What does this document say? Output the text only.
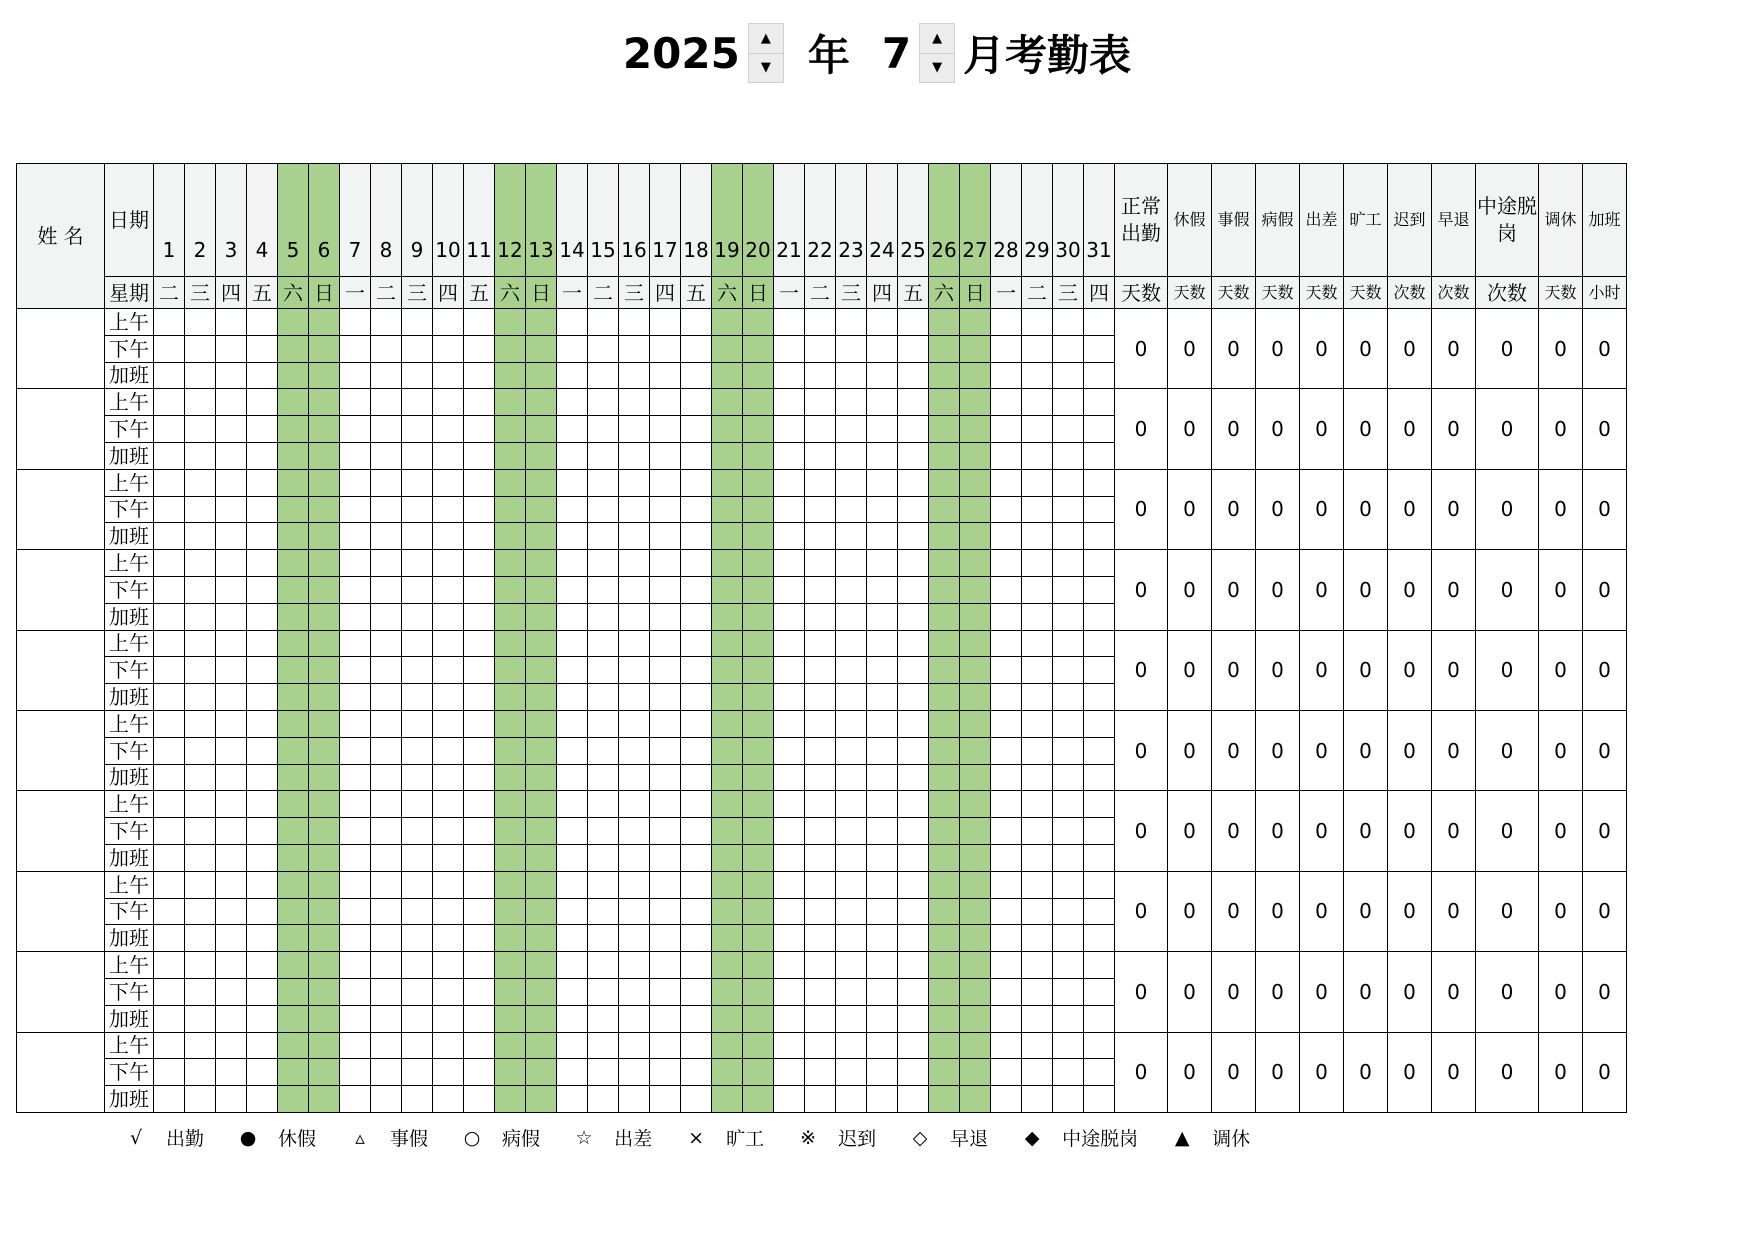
2025	▲
▼ 年 7	▲
▼ 月考勤表
姓 名	日期	1	2	3	4	5	6	7	8	9	10	11	12	13	14	15	16	17	18	19	20	21	22	23	24	25	26	27	28	29	30	31	正常出勤	休假	事假	病假	出差	旷工	迟到	早退	中途脱岗	调休	加班
	星期	二	三	四	五	六	日	一	二	三	四	五	六	日	一	二	三	四	五	六	日	一	二	三	四	五	六	日	一	二	三	四	天数	天数	天数	天数	天数	天数	次数	次数	次数	天数	小时
	上午																																0	0	0	0	0	0	0	0	0	0	0
	下午																																										
	加班																																										
	上午																																0	0	0	0	0	0	0	0	0	0	0
	下午																																										
	加班																																										
	上午																																0	0	0	0	0	0	0	0	0	0	0
	下午																																										
	加班																																										
	上午																																0	0	0	0	0	0	0	0	0	0	0
	下午																																										
	加班																																										
	上午																																0	0	0	0	0	0	0	0	0	0	0
	下午																																										
	加班																																										
	上午																																0	0	0	0	0	0	0	0	0	0	0
	下午																																										
	加班																																										
	上午																																0	0	0	0	0	0	0	0	0	0	0
	下午																																										
	加班																																										
	上午																																0	0	0	0	0	0	0	0	0	0	0
	下午																																										
	加班																																										
	上午																																0	0	0	0	0	0	0	0	0	0	0
	下午																																										
	加班																																										
	上午																																0	0	0	0	0	0	0	0	0	0	0
	下午																																										
	加班																																										
√	出勤	●	休假	▵	事假	○	病假	☆	出差	×	旷工	※	迟到	◇	早退	◆	中途脱岗	▲	调休
